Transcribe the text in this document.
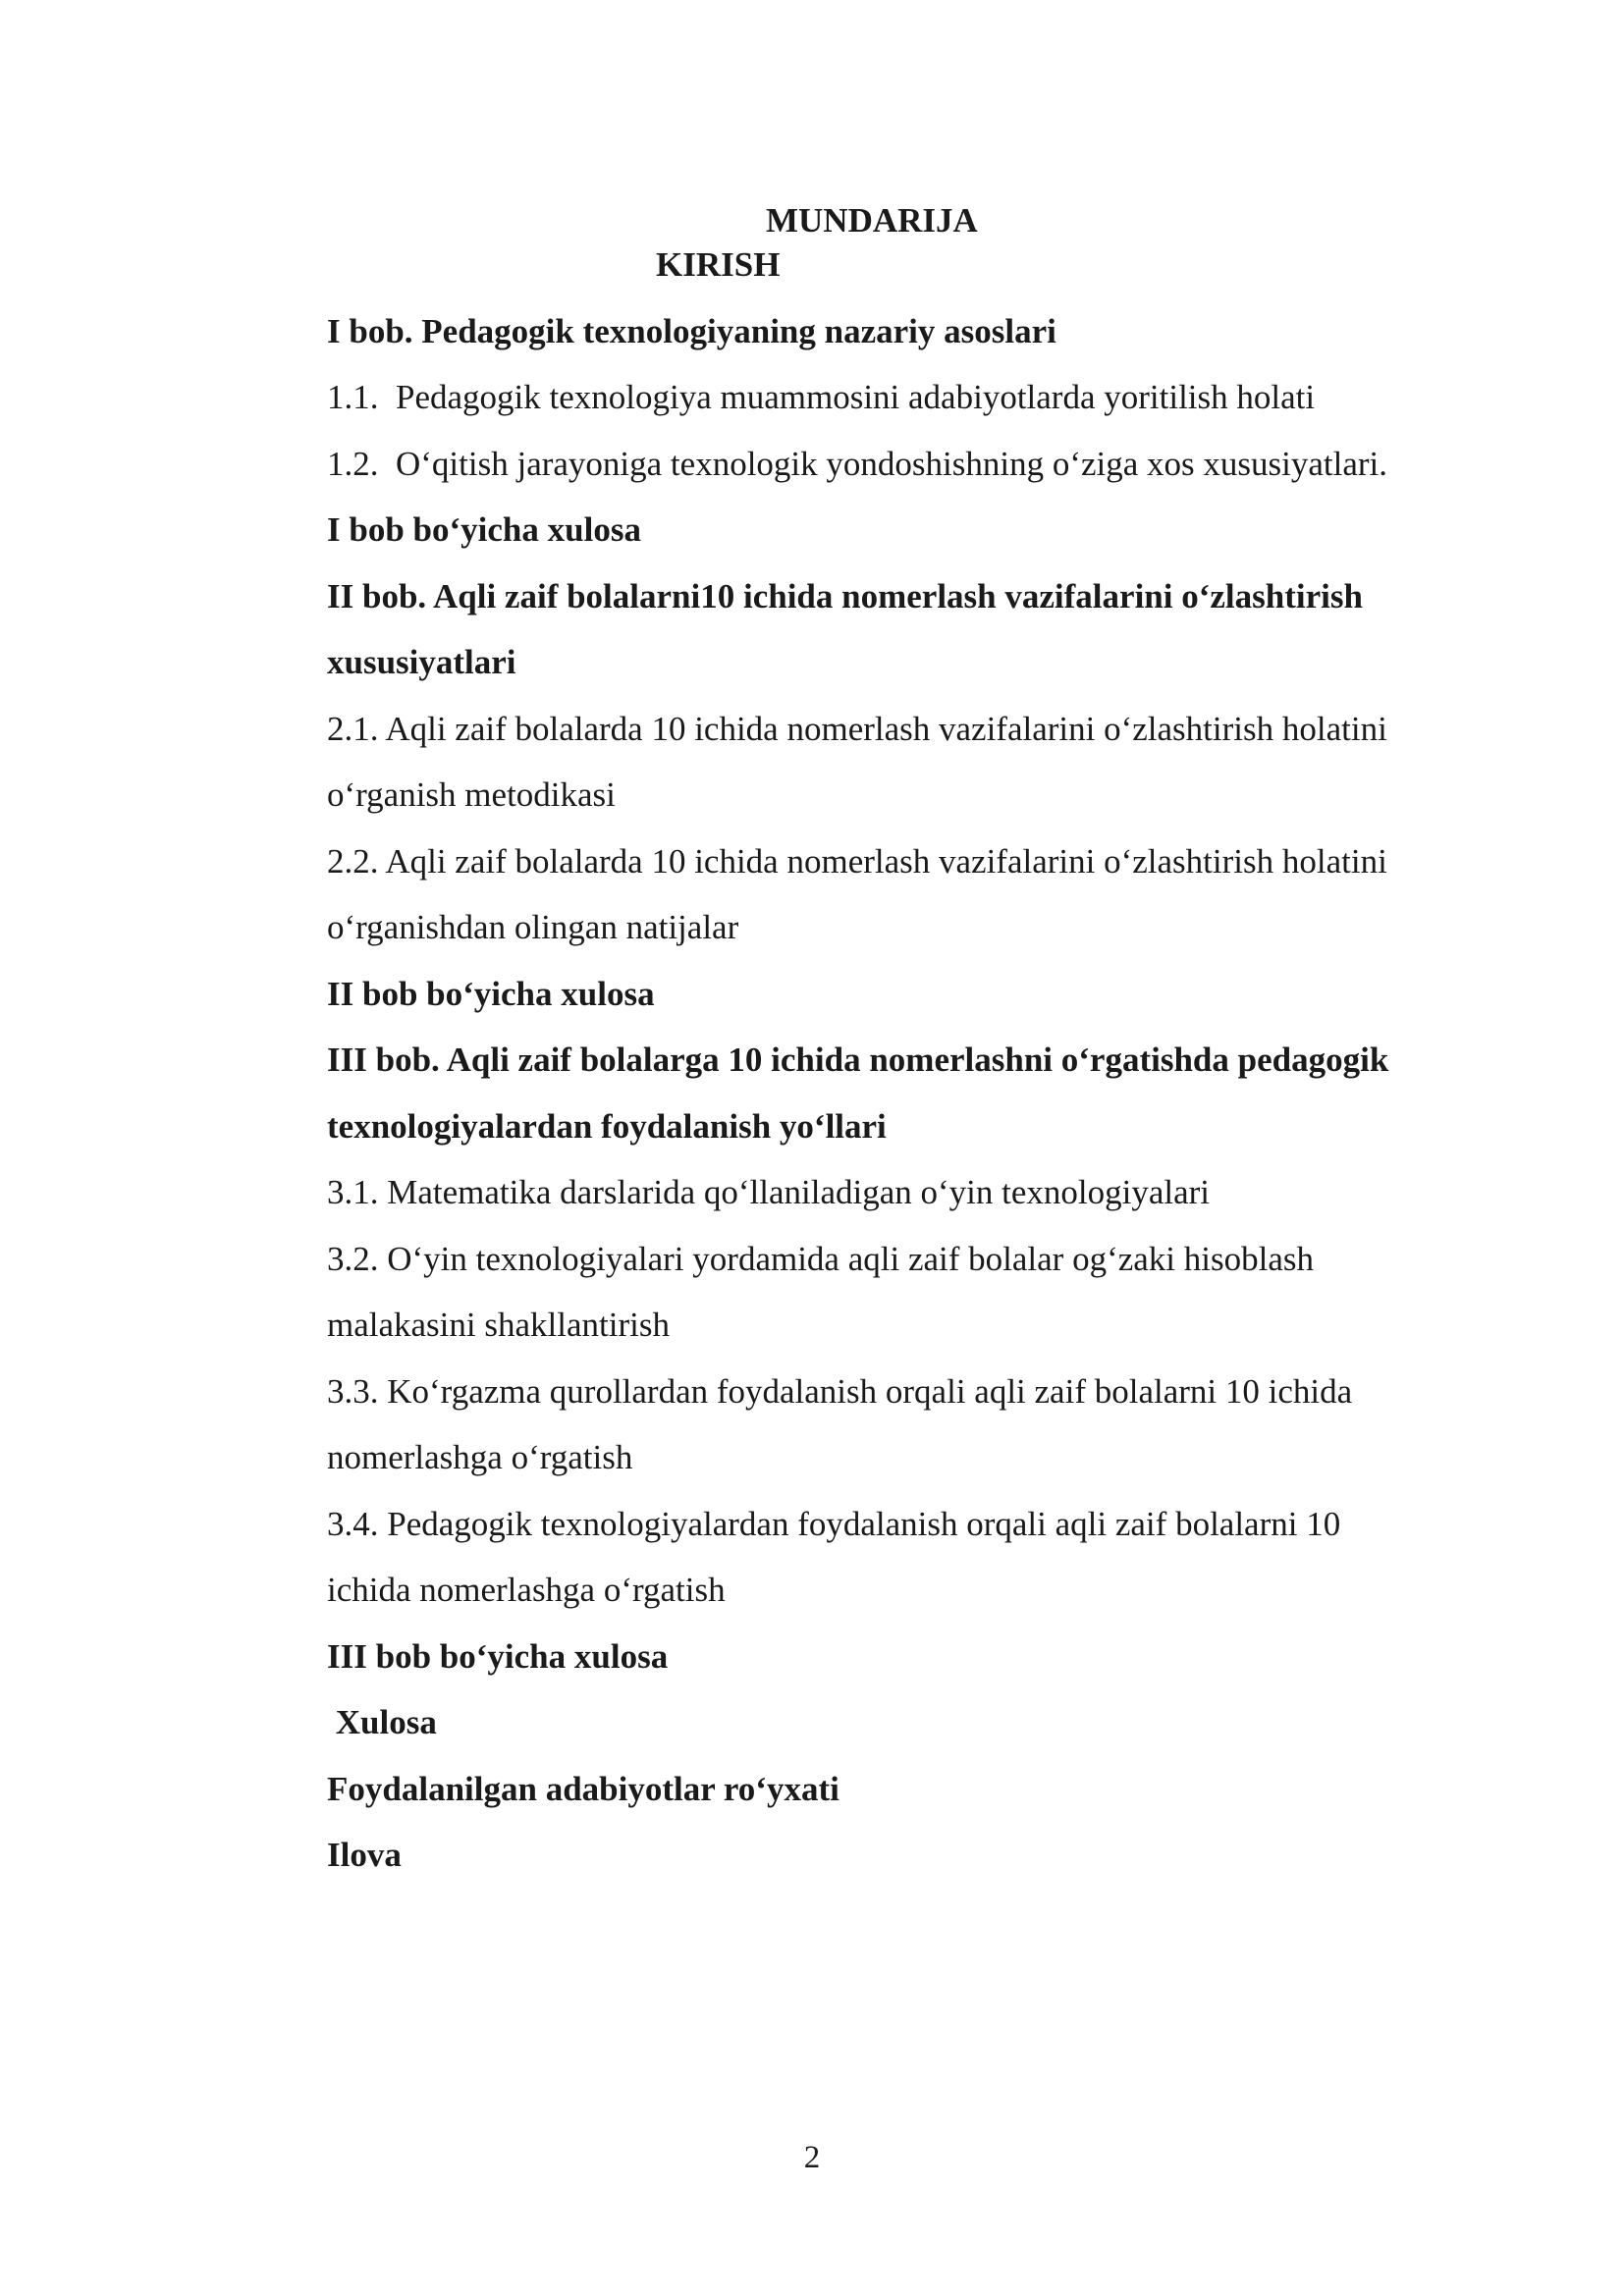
MUNDARIJA
KIRISH
I bob. Pedagogik texnologiyaning nazariy asoslari
1.1. Pedagogik texnologiya muammosini adabiyotlarda yoritilish holati
1.2. O‘qitish jarayoniga texnologik yondoshishning o‘ziga xos xususiyatlari.
I bob bo‘yicha xulosa
II bob. Aqli zaif bolalarni10 ichida nomerlash vazifalarini o‘zlashtirish
xususiyatlari
2.1. Aqli zaif bolalarda 10 ichida nomerlash vazifalarini o‘zlashtirish holatini
o‘rganish metodikasi
2.2. Aqli zaif bolalarda 10 ichida nomerlash vazifalarini o‘zlashtirish holatini
o‘rganishdan olingan natijalar
II bob bo‘yicha xulosa
III bob. Aqli zaif bolalarga 10 ichida nomerlashni o‘rgatishda pedagogik
texnologiyalardan foydalanish yo‘llari
3.1. Matematika darslarida qo‘llaniladigan o‘yin texnologiyalari
3.2. O‘yin texnologiyalari yordamida aqli zaif bolalar og‘zaki hisoblash
malakasini shakllantirish
3.3. Ko‘rgazma qurollardan foydalanish orqali aqli zaif bolalarni 10 ichida
nomerlashga o‘rgatish
3.4. Pedagogik texnologiyalardan foydalanish orqali aqli zaif bolalarni 10
ichida nomerlashga o‘rgatish
III bob bo‘yicha xulosa
Xulosa
Foydalanilgan adabiyotlar ro‘yxati
Ilova
2
